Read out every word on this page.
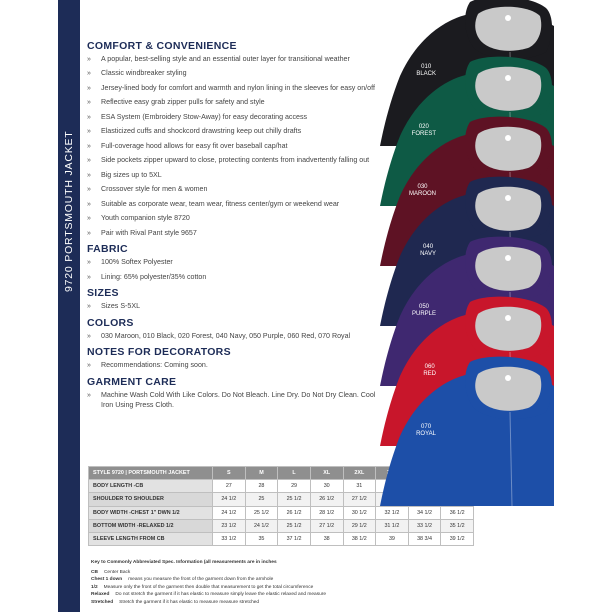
9720 PORTSMOUTH JACKET
COMFORT & CONVENIENCE
» A popular, best-selling style and an essential outer layer for transitional weather
» Classic windbreaker styling
» Jersey-lined body for comfort and warmth and nylon lining in the sleeves for easy on/off
» Reflective easy grab zipper pulls for safety and style
» ESA System (Embroidery Stow-Away) for easy decorating access
» Elasticized cuffs and shockcord drawstring keep out chilly drafts
» Full-coverage hood allows for easy fit over baseball cap/hat
» Side pockets zipper upward to close, protecting contents from inadvertently falling out
» Big sizes up to 5XL
» Crossover style for men & women
» Suitable as corporate wear, team wear, fitness center/gym or weekend wear
» Youth companion style 8720
» Pair with Rival Pant style 9657
FABRIC
» 100% Softex Polyester
» Lining: 65% polyester/35% cotton
SIZES
» Sizes S-5XL
COLORS
» 030 Maroon, 010 Black, 020 Forest, 040 Navy, 050 Purple, 060 Red, 070 Royal
NOTES FOR DECORATORS
» Recommendations: Coming soon.
GARMENT CARE
» Machine Wash Cold With Like Colors. Do Not Bleach. Line Dry. Do Not Dry Clean. Cool Iron Using Press Cloth.
010
BLACK
020
FOREST
030
MAROON
040
NAVY
050
PURPLE
060
RED
070
ROYAL
STYLE 9720 | PORTSMOUTH JACKET	S	M	L	XL	2XL			
BODY LENGTH -CB	27	28	29	30	31			
SHOULDER TO SHOULDER	24 1/2	25	25 1/2	26 1/2	27 1/2			
BODY WIDTH -CHEST 1" DWN 1/2	24 1/2	25 1/2	26 1/2	28 1/2	30 1/2	32 1/2	34 1/2	36 1/2
BOTTOM WIDTH -RELAXED 1/2	23 1/2	24 1/2	25 1/2	27 1/2	29 1/2	31 1/2	33 1/2	35 1/2
SLEEVE LENGTH FROM CB	33 1/2	35	37 1/2	38	38 1/2	39	38 3/4	39 1/2
Key to Commonly Abbreviated Spec. Information (all measurements are in inches
CB Center Back
Chest 1 down means you measure the front of the garment down from the armhole
1/2 Measure only the front of the garment then double that measurement to get the total circumference
Relaxed Do not stretch the garment if it has elastic to measure simply leave the elastic relaxed and measure
Stretched Stretch the garment if it has elastic to measure measure stretched
